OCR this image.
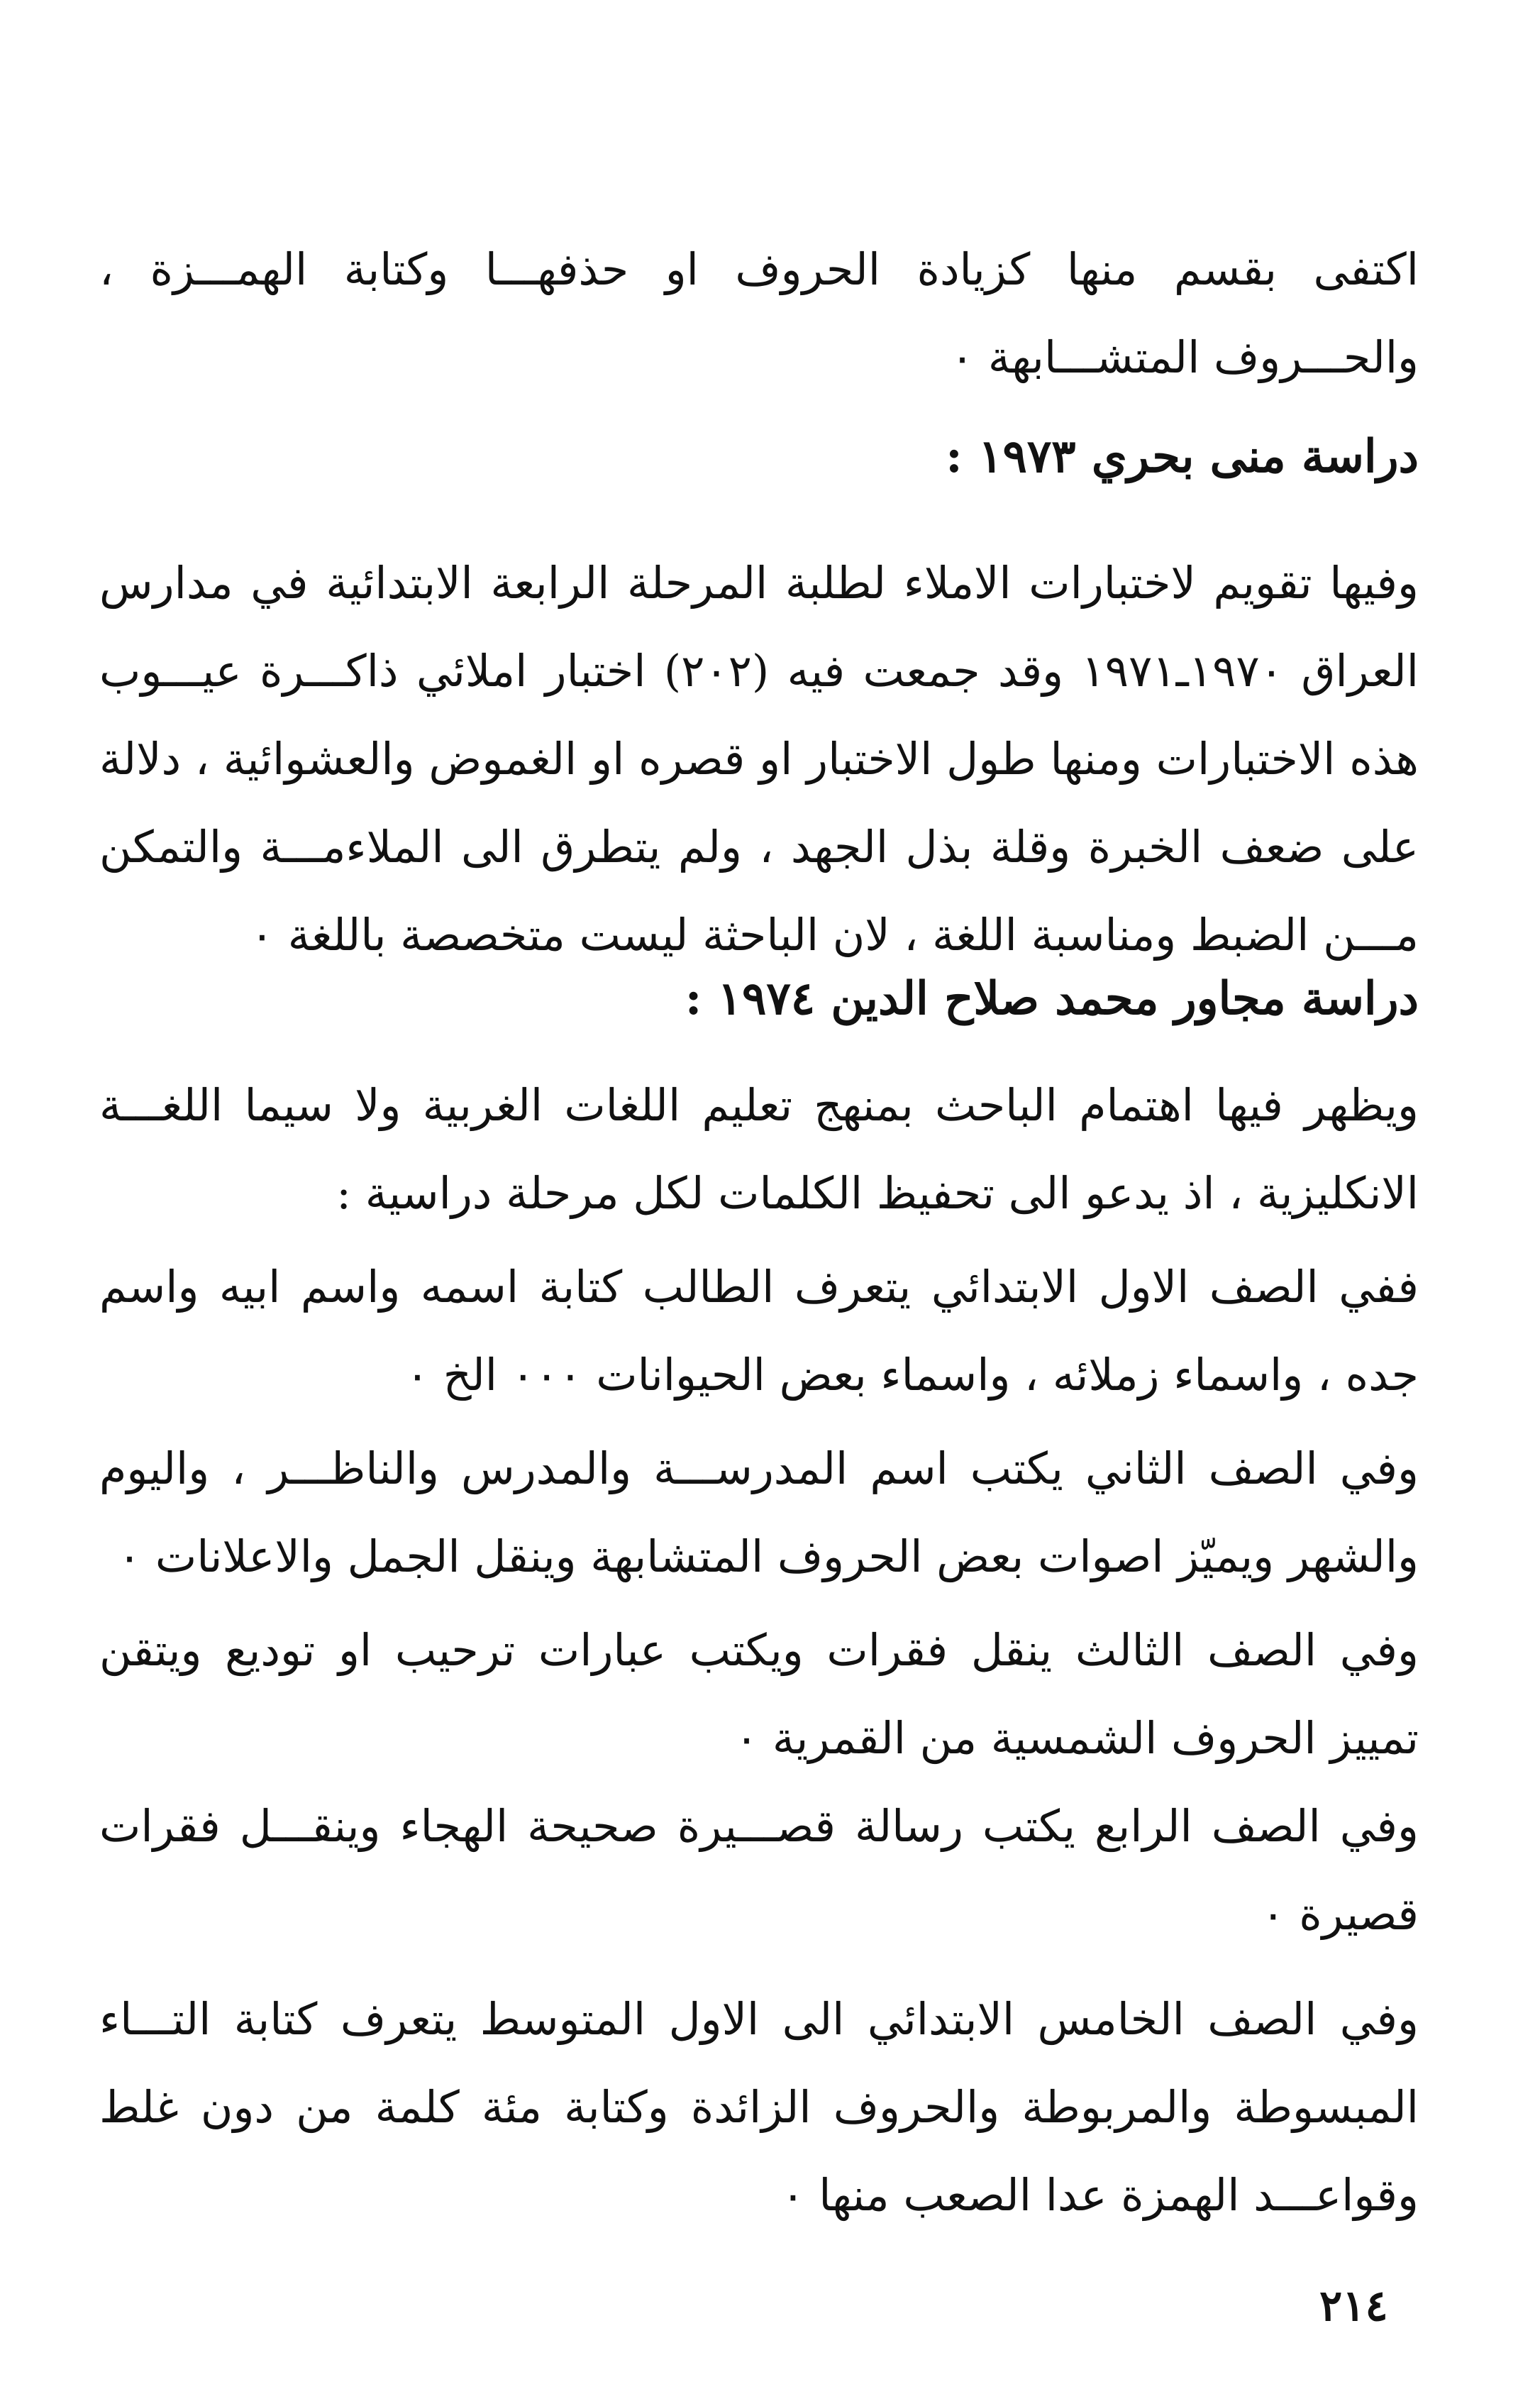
اكتفى بقسم منها كزيادة الحروف او حذفهـــا وكتابة الهمـــزة ، والحـــروف المتشـــابهة ٠

دراسة منى بحري ١٩٧٣ :

وفيها تقويم لاختبارات الاملاء لطلبة المرحلة الرابعة الابتدائية في مدارس العراق ١٩٧٠ـ١٩٧١ وقد جمعت فيه (٢٠٢) اختبار املائي ذاكـــرة عيـــوب هذه الاختبارات ومنها طول الاختبار او قصره او الغموض والعشوائية ، دلالة على ضعف الخبرة وقلة بذل الجهد ، ولم يتطرق الى الملاءمـــة والتمكن مـــن الضبط ومناسبة اللغة ، لان الباحثة ليست متخصصة باللغة ٠

دراسة مجاور محمد صلاح الدين ١٩٧٤ :

ويظهر فيها اهتمام الباحث بمنهج تعليم اللغات الغربية ولا سيما اللغـــة الانكليزية ، اذ يدعو الى تحفيظ الكلمات لكل مرحلة دراسية :

ففي الصف الاول الابتدائي يتعرف الطالب كتابة اسمه واسم ابيه واسم جده ، واسماء زملائه ، واسماء بعض الحيوانات ٠٠٠ الخ ٠

وفي الصف الثاني يكتب اسم المدرســـة والمدرس والناظـــر ، واليوم والشهر ويميّز اصوات بعض الحروف المتشابهة وينقل الجمل والاعلانات ٠

وفي الصف الثالث ينقل فقرات ويكتب عبارات ترحيب او توديع ويتقن تمييز الحروف الشمسية من القمرية ٠

وفي الصف الرابع يكتب رسالة قصـــيرة صحيحة الهجاء وينقـــل فقرات قصيرة ٠

وفي الصف الخامس الابتدائي الى الاول المتوسط يتعرف كتابة التـــاء المبسوطة والمربوطة والحروف الزائدة وكتابة مئة كلمة من دون غلط وقواعـــد الهمزة عدا الصعب منها ٠

٢١٤
